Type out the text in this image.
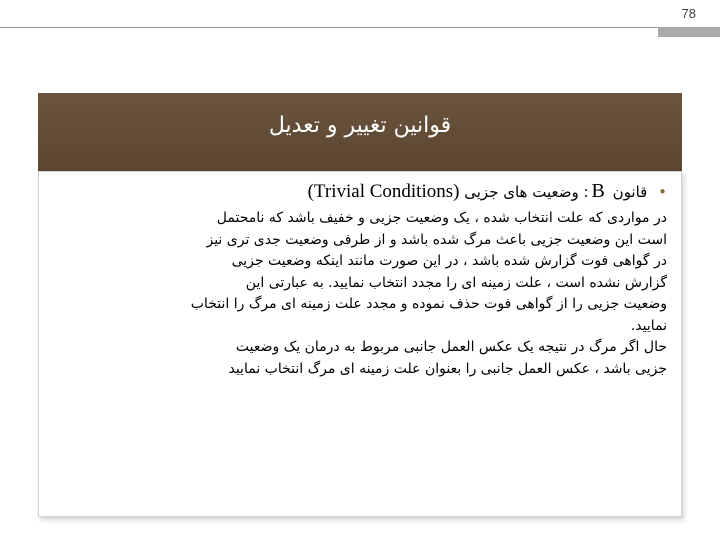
78
قوانین تغییر و تعدیل
• قانون B: وضعیت های جزیی (Trivial Conditions)
در مواردی که علت انتخاب شده ، یک وضعیت جزیی و خفیف باشد که نامحتمل
است این وضعیت جزیی باعث مرگ شده باشد و از طرفی وضعیت جدی تری نیز
در گواهی فوت گزارش شده باشد ، در این صورت مانند اینکه وضعیت جزیی
گزارش نشده است ، علت زمینه ای را مجدد انتخاب نمایید. به عبارتی این
وضعیت جزیی را از گواهی فوت حذف نموده و مجدد علت زمینه ای مرگ را انتخاب
نمایید.
حال اگر مرگ در نتیجه یک عکس العمل جانبی مربوط به درمان یک وضعیت
جزیی باشد ، عکس العمل جانبی را بعنوان علت زمینه ای مرگ انتخاب نمایید
